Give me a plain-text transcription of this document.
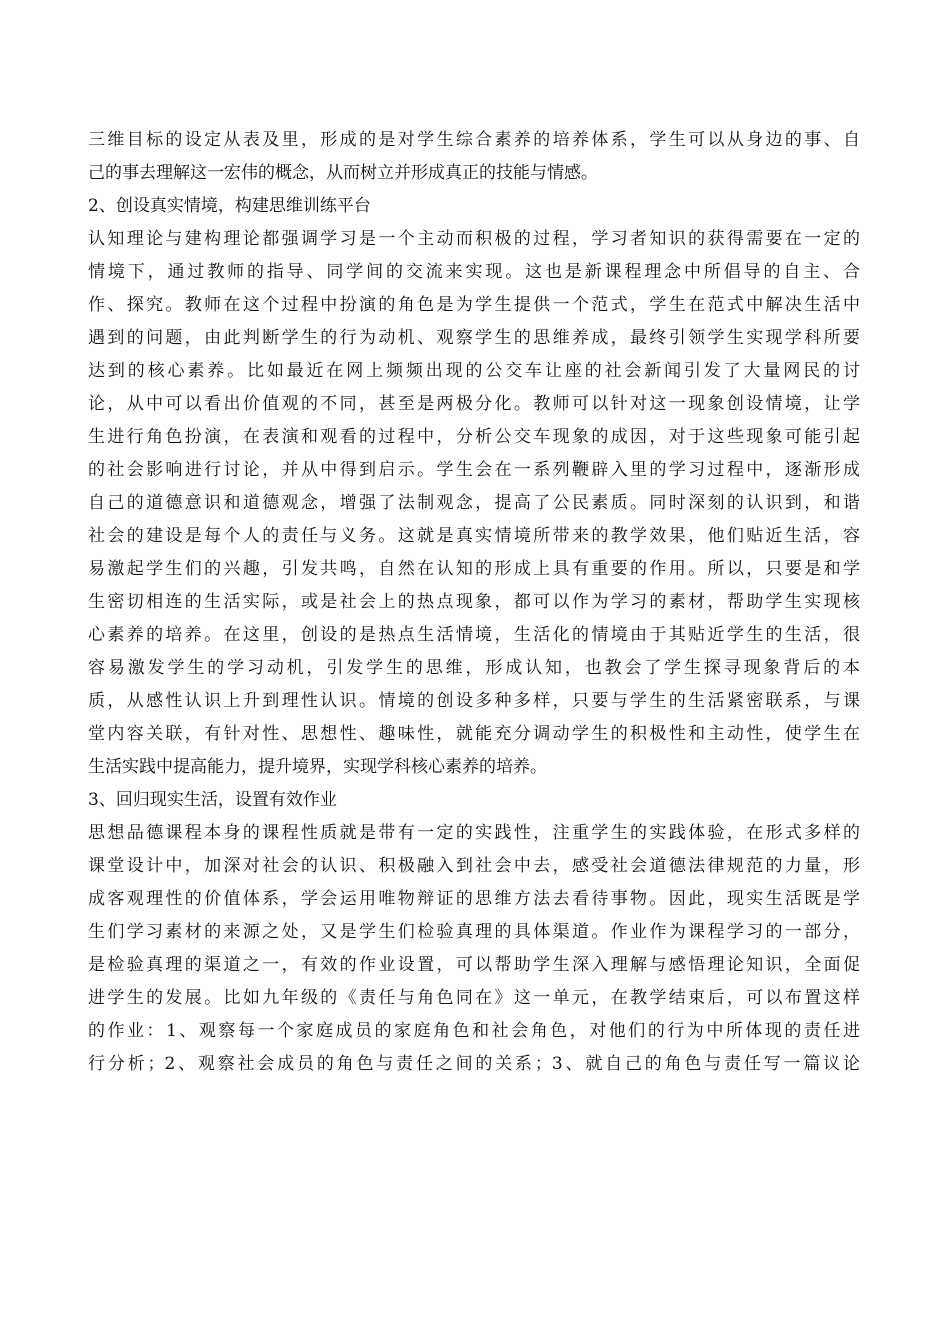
三维目标的设定从表及里，形成的是对学生综合素养的培养体系，学生可以从身边的事、自
己的事去理解这一宏伟的概念，从而树立并形成真正的技能与情感。
2、创设真实情境，构建思维训练平台
认知理论与建构理论都强调学习是一个主动而积极的过程，学习者知识的获得需要在一定的
情境下，通过教师的指导、同学间的交流来实现。这也是新课程理念中所倡导的自主、合
作、探究。教师在这个过程中扮演的角色是为学生提供一个范式，学生在范式中解决生活中
遇到的问题，由此判断学生的行为动机、观察学生的思维养成，最终引领学生实现学科所要
达到的核心素养。比如最近在网上频频出现的公交车让座的社会新闻引发了大量网民的讨
论，从中可以看出价值观的不同，甚至是两极分化。教师可以针对这一现象创设情境，让学
生进行角色扮演，在表演和观看的过程中，分析公交车现象的成因，对于这些现象可能引起
的社会影响进行讨论，并从中得到启示。学生会在一系列鞭辟入里的学习过程中，逐渐形成
自己的道德意识和道德观念，增强了法制观念，提高了公民素质。同时深刻的认识到，和谐
社会的建设是每个人的责任与义务。这就是真实情境所带来的教学效果，他们贴近生活，容
易激起学生们的兴趣，引发共鸣，自然在认知的形成上具有重要的作用。所以，只要是和学
生密切相连的生活实际，或是社会上的热点现象，都可以作为学习的素材，帮助学生实现核
心素养的培养。在这里，创设的是热点生活情境，生活化的情境由于其贴近学生的生活，很
容易激发学生的学习动机，引发学生的思维，形成认知，也教会了学生探寻现象背后的本
质，从感性认识上升到理性认识。情境的创设多种多样，只要与学生的生活紧密联系，与课
堂内容关联，有针对性、思想性、趣味性，就能充分调动学生的积极性和主动性，使学生在
生活实践中提高能力，提升境界，实现学科核心素养的培养。
3、回归现实生活，设置有效作业
思想品德课程本身的课程性质就是带有一定的实践性，注重学生的实践体验，在形式多样的
课堂设计中，加深对社会的认识、积极融入到社会中去，感受社会道德法律规范的力量，形
成客观理性的价值体系，学会运用唯物辩证的思维方法去看待事物。因此，现实生活既是学
生们学习素材的来源之处，又是学生们检验真理的具体渠道。作业作为课程学习的一部分，
是检验真理的渠道之一，有效的作业设置，可以帮助学生深入理解与感悟理论知识，全面促
进学生的发展。比如九年级的《责任与角色同在》这一单元，在教学结束后，可以布置这样
的作业：1、观察每一个家庭成员的家庭角色和社会角色，对他们的行为中所体现的责任进
行分析；2、观察社会成员的角色与责任之间的关系；3、就自己的角色与责任写一篇议论
